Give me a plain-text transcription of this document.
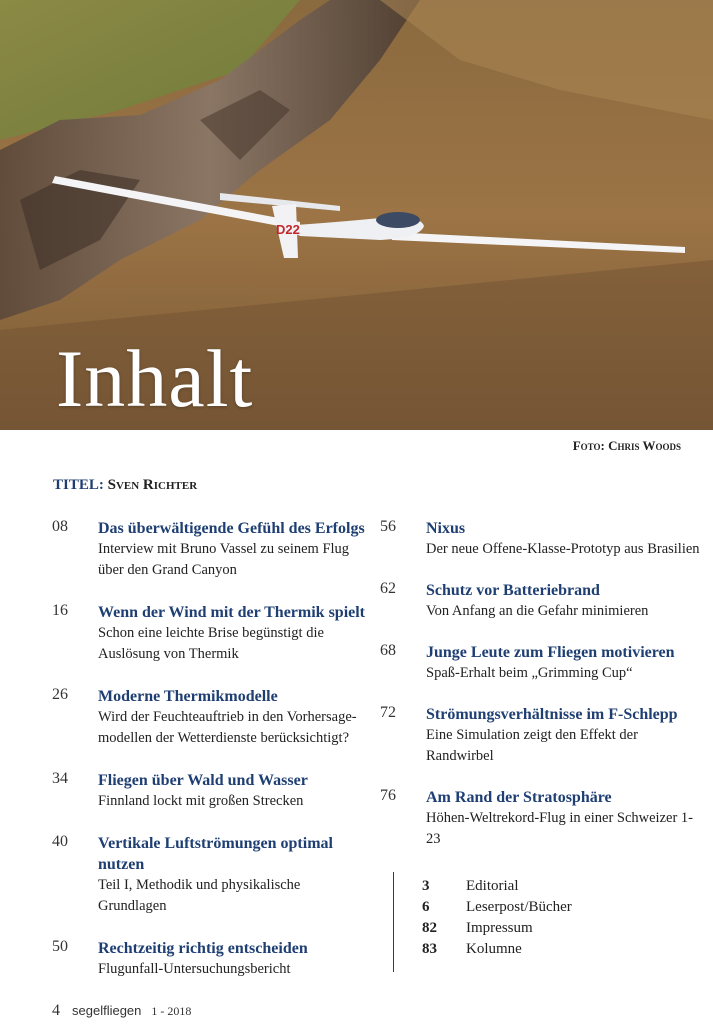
D22
Inhalt
Foto: Chris Woods
TITEL: Sven Richter
08 Das überwältigende Gefühl des Erfolgs
Interview mit Bruno Vassel zu seinem Flug
über den Grand Canyon
16 Wenn der Wind mit der Thermik spielt
Schon eine leichte Brise begünstigt die
Auslösung von Thermik
26 Moderne Thermikmodelle
Wird der Feuchteauftrieb in den Vorhersage-
modellen der Wetterdienste berücksichtigt?
34 Fliegen über Wald und Wasser
Finnland lockt mit großen Strecken
40 Vertikale Luftströmungen optimal nutzen
Teil I, Methodik und physikalische
Grundlagen
50 Rechtzeitig richtig entscheiden
Flugunfall-Untersuchungsbericht
56 Nixus
Der neue Offene-Klasse-Prototyp aus Brasilien
62 Schutz vor Batteriebrand
Von Anfang an die Gefahr minimieren
68 Junge Leute zum Fliegen motivieren
Spaß-Erhalt beim „Grimming Cup“
72 Strömungsverhältnisse im F-Schlepp
Eine Simulation zeigt den Effekt der
Randwirbel
76 Am Rand der Stratosphäre
Höhen-Weltrekord-Flug in einer Schweizer 1-23
3	Editorial
6	Leserpost/Bücher
82	Impressum
83	Kolumne
4 segelfliegen 1 - 2018
